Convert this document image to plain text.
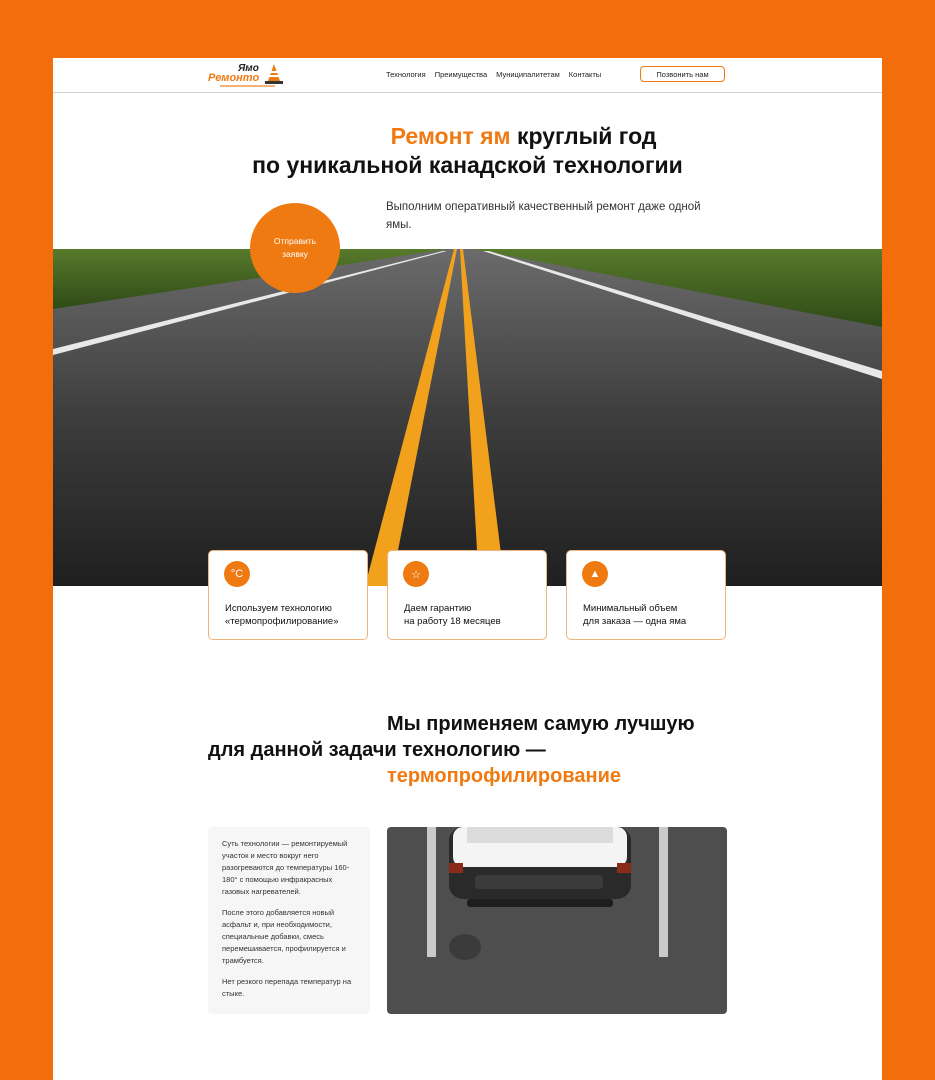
Ямо
Ремонто	Технология Преимущества Муниципалитетам Контакты	Позвонить нам
Ремонт ям круглый год
по уникальной канадской технологии
Выполним оперативный качественный ремонт даже одной ямы.
Отправить
заявку
°C
Используем технологию
«термопрофилирование»
☆
Даем гарантию
на работу 18 месяцев
▲
Минимальный объем
для заказа — одна яма
Мы применяем самую лучшую
для данной задачи технологию —
термопрофилирование

Суть технологии — ремонтируемый участок и место вокруг него разогреваются до температуры 160-180° с помощью инфракрасных газовых нагревателей.

После этого добавляется новый асфальт и, при необходимости, специальные добавки, смесь перемешивается, профилируется и трамбуется.

Нет резкого перепада температур на стыке.
